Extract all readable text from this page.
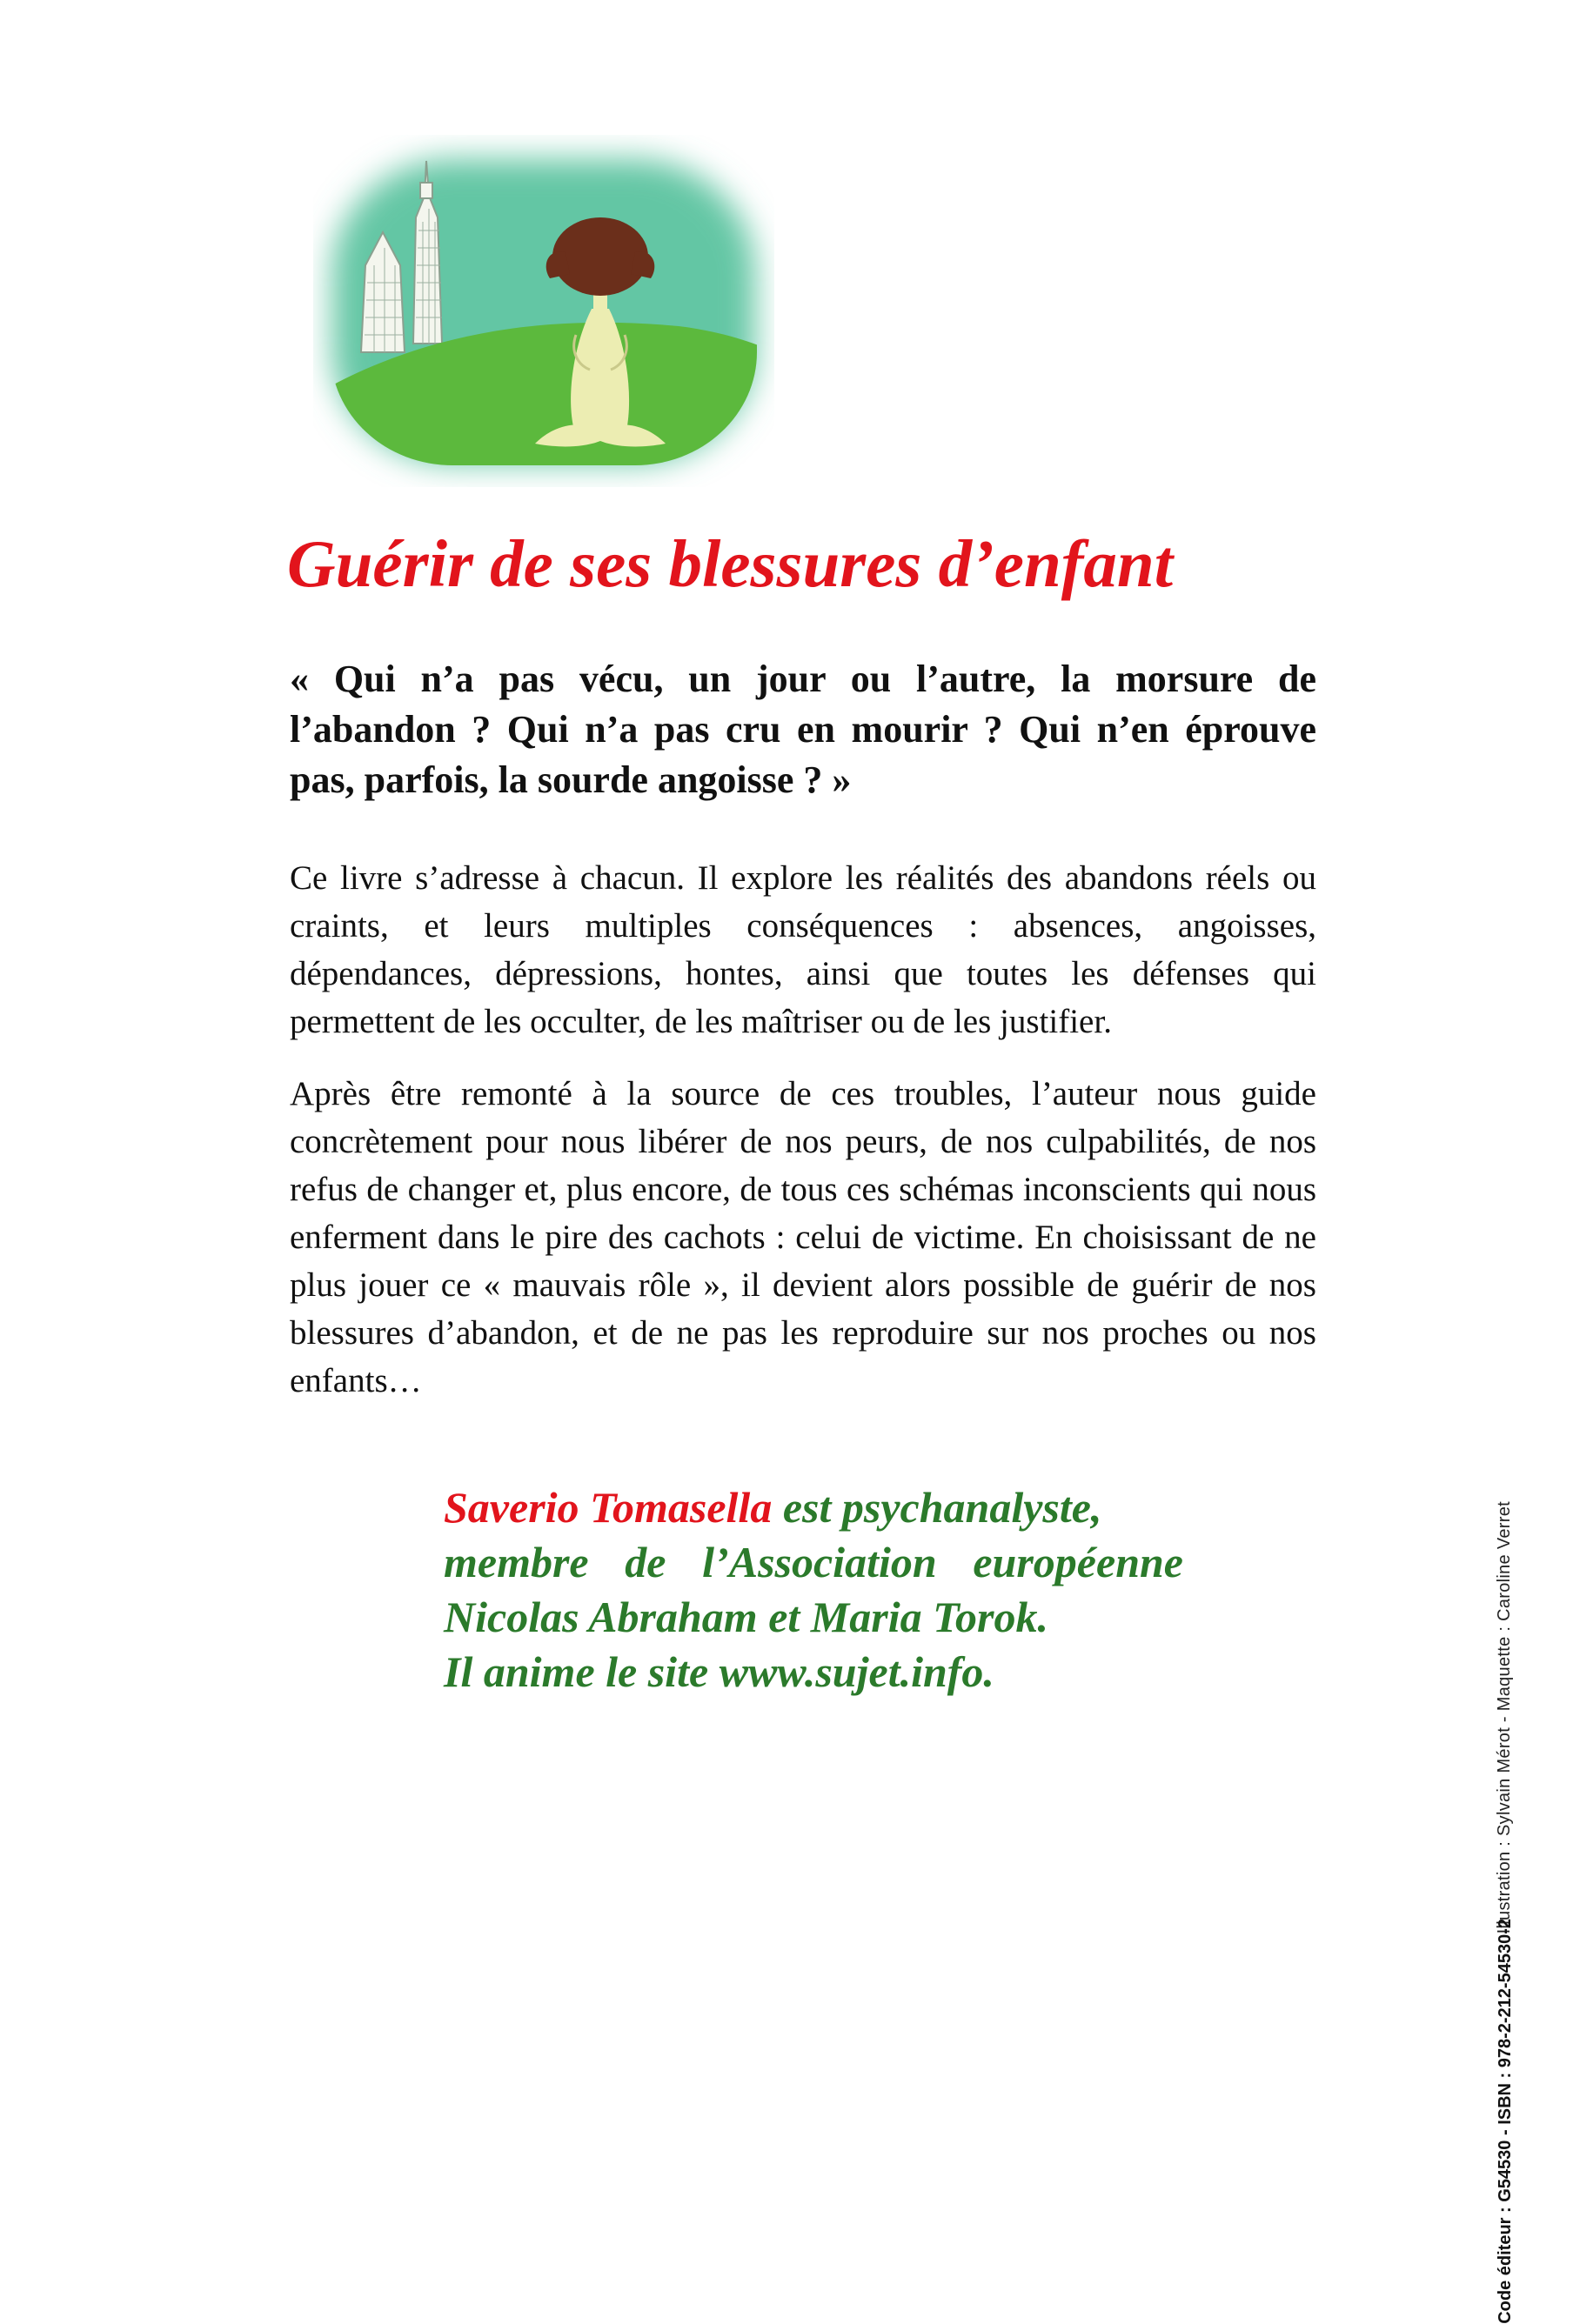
Guérir de ses blessures d’enfant

« Qui n’a pas vécu, un jour ou l’autre, la morsure de l’abandon ? Qui n’a pas cru en mourir ? Qui n’en éprouve pas, parfois, la sourde angoisse ? »

Ce livre s’adresse à chacun. Il explore les réalités des abandons réels ou craints, et leurs multiples conséquences : absences, angoisses, dépendances, dépressions, hontes, ainsi que toutes les défenses qui permettent de les occulter, de les maîtriser ou de les justifier.

Après être remonté à la source de ces troubles, l’auteur nous guide concrètement pour nous libérer de nos peurs, de nos culpabilités, de nos refus de changer et, plus encore, de tous ces schémas inconscients qui nous enferment dans le pire des cachots : celui de victime. En choisissant de ne plus jouer ce « mauvais rôle », il devient alors possible de guérir de nos blessures d’abandon, et de ne pas les reproduire sur nos proches ou nos enfants…

Saverio Tomasella est psychanalyste,
membre de l’Association européenne
Nicolas Abraham et Maria Torok.
Il anime le site www.sujet.info.	Illustration : Sylvain Mérot - Maquette : Caroline Verret
Code éditeur : G54530 - ISBN : 978-2-212-54530-2
